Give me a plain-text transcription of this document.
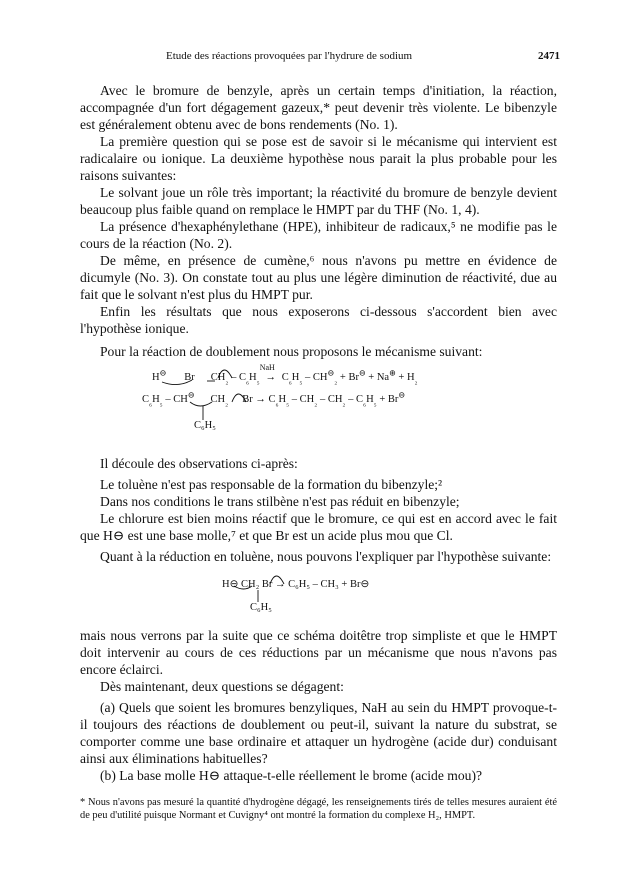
Etude des réactions provoquées par l'hydrure de sodium	2471

Avec le bromure de benzyle, après un certain temps d'initiation, la réaction, accompagnée d'un fort dégagement gazeux,* peut devenir très violente. Le bibenzyle est généralement obtenu avec de bons rendements (No. 1).

La première question qui se pose est de savoir si le mécanisme qui intervient est radicalaire ou ionique. La deuxième hypothèse nous parait la plus probable pour les raisons suivantes:

Le solvant joue un rôle très important; la réactivité du bromure de benzyle devient beaucoup plus faible quand on remplace le HMPT par du THF (No. 1, 4).

La présence d'hexaphénylethane (HPE), inhibiteur de radicaux,⁵ ne modifie pas le cours de la réaction (No. 2).

De même, en présence de cumène,⁶ nous n'avons pu mettre en évidence de dicumyle (No. 3). On constate tout au plus une légère diminution de réactivité, due au fait que le solvant n'est plus du HMPT pur.

Enfin les résultats que nous exposerons ci-dessous s'accordent bien avec l'hypothèse ionique.

Pour la réaction de doublement nous proposons le mécanisme suivant:

H⊖ Br $CH_{_2} - C_{_6}H_{_5}$
NaH
→ $C_{_6}H_{_5} - CH^⊖_{_2} + Br^⊖ + Na^\oplus + H_{_2}$
$C_{_6}H_{_5} - CH^⊖$ $CH_{_2}$ $Br \to C_{_6}H_{_5} - CH_{_2} - CH_{_2} - C_{_6}H_{_5} + Br^⊖$
C₆H₅

Il découle des observations ci-après:

Le toluène n'est pas responsable de la formation du bibenzyle;²

Dans nos conditions le trans stilbène n'est pas réduit en bibenzyle;

Le chlorure est bien moins réactif que le bromure, ce qui est en accord avec le fait que H⊖ est une base molle,⁷ et que Br est un acide plus mou que Cl.

Quant à la réduction en toluène, nous pouvons l'expliquer par l'hypothèse suivante:

H⊖ CH₂ Br → C₆H₅ – CH₃ + Br⊖
C₆H₅

mais nous verrons par la suite que ce schéma doitêtre trop simpliste et que le HMPT doit intervenir au cours de ces réductions par un mécanisme que nous n'avons pas encore éclairci.

Dès maintenant, deux questions se dégagent:

(a) Quels que soient les bromures benzyliques, NaH au sein du HMPT provoque-t-il toujours des réactions de doublement ou peut-il, suivant la nature du substrat, se comporter comme une base ordinaire et attaquer un hydrogène (acide dur) conduisant ainsi aux éliminations habituelles?

(b) La base molle H⊖ attaque-t-elle réellement le brome (acide mou)?

* Nous n'avons pas mesuré la quantité d'hydrogène dégagé, les renseignements tirés de telles mesures auraient été de peu d'utilité puisque Normant et Cuvigny⁴ ont montré la formation du complexe H₂, HMPT.
